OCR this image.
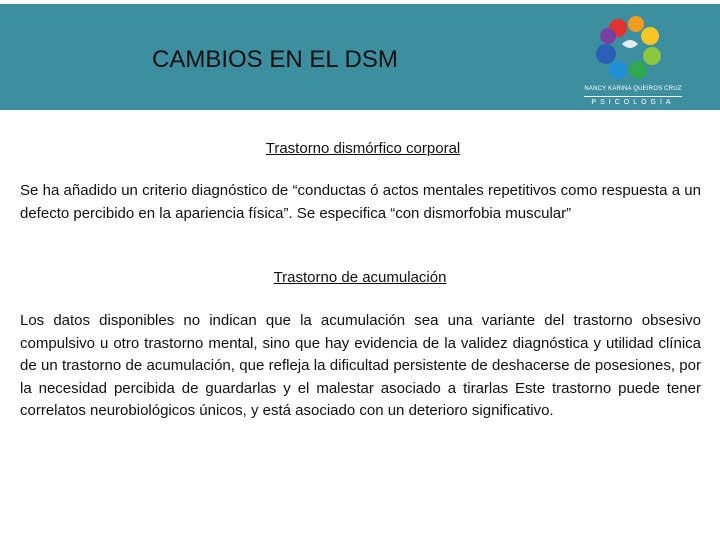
CAMBIOS EN EL DSM
NANCY KARINA QUEIROS CRUZ
PSICOLOGIA
Trastorno dismórfico corporal
Se ha añadido un criterio diagnóstico de “conductas ó actos mentales repetitivos como respuesta a un defecto percibido en la apariencia física”. Se especifica “con dismorfobia muscular”
Trastorno de acumulación
Los datos disponibles no indican que la acumulación sea una variante del trastorno obsesivo compulsivo u otro trastorno mental, sino que hay evidencia de la validez diagnóstica y utilidad clínica de un trastorno de acumulación, que refleja la dificultad persistente de deshacerse de posesiones, por la necesidad percibida de guardarlas y el malestar asociado a tirarlas Este trastorno puede tener correlatos neurobiológicos únicos, y está asociado con un deterioro significativo.
